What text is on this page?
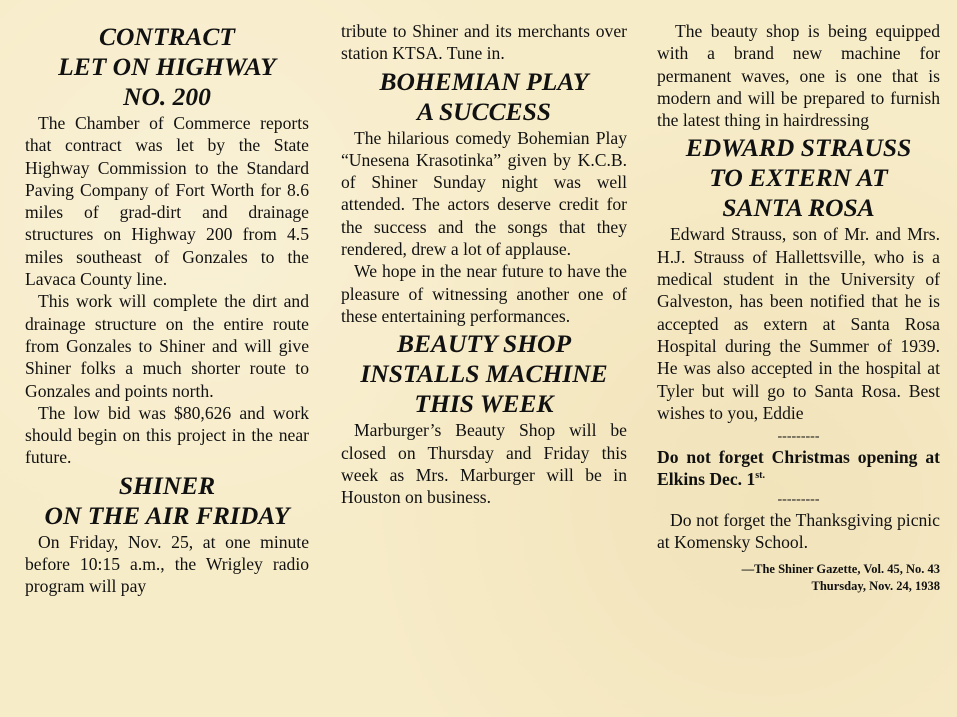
CONTRACT
LET ON HIGHWAY
NO. 200

The Chamber of Commerce reports that contract was let by the State Highway Commission to the Standard Paving Company of Fort Worth for 8.6 miles of grad-dirt and drainage structures on Highway 200 from 4.5 miles southeast of Gonzales to the Lavaca County line.

This work will complete the dirt and drainage structure on the entire route from Gonzales to Shiner and will give Shiner folks a much shorter route to Gonzales and points north.

The low bid was $80,626 and work should begin on this project in the near future.

SHINER
ON THE AIR FRIDAY

On Friday, Nov. 25, at one minute before 10:15 a.m., the Wrigley radio program will pay

tribute to Shiner and its merchants over station KTSA. Tune in.

BOHEMIAN PLAY
A SUCCESS

The hilarious comedy Bohemian Play “Unesena Krasotinka” given by K.C.B. of Shiner Sunday night was well attended. The actors deserve credit for the success and the songs that they rendered, drew a lot of applause.

We hope in the near future to have the pleasure of witnessing another one of these entertaining performances.

BEAUTY SHOP
INSTALLS MACHINE
THIS WEEK

Marburger’s Beauty Shop will be closed on Thursday and Friday this week as Mrs. Marburger will be in Houston on business.

The beauty shop is being equipped with a brand new machine for permanent waves, one is one that is modern and will be prepared to furnish the latest thing in hairdressing

EDWARD STRAUSS
TO EXTERN AT
SANTA ROSA

Edward Strauss, son of Mr. and Mrs. H.J. Strauss of Hallettsville, who is a medical student in the University of Galveston, has been notified that he is accepted as extern at Santa Rosa Hospital during the Summer of 1939. He was also accepted in the hospital at Tyler but will go to Santa Rosa. Best wishes to you, Eddie

---------

Do not forget Christmas opening at Elkins Dec. $1^{st.}$

---------

Do not forget the Thanksgiving picnic at Komensky School.

—The Shiner Gazette, Vol. 45, No. 43
Thursday, Nov. 24, 1938
